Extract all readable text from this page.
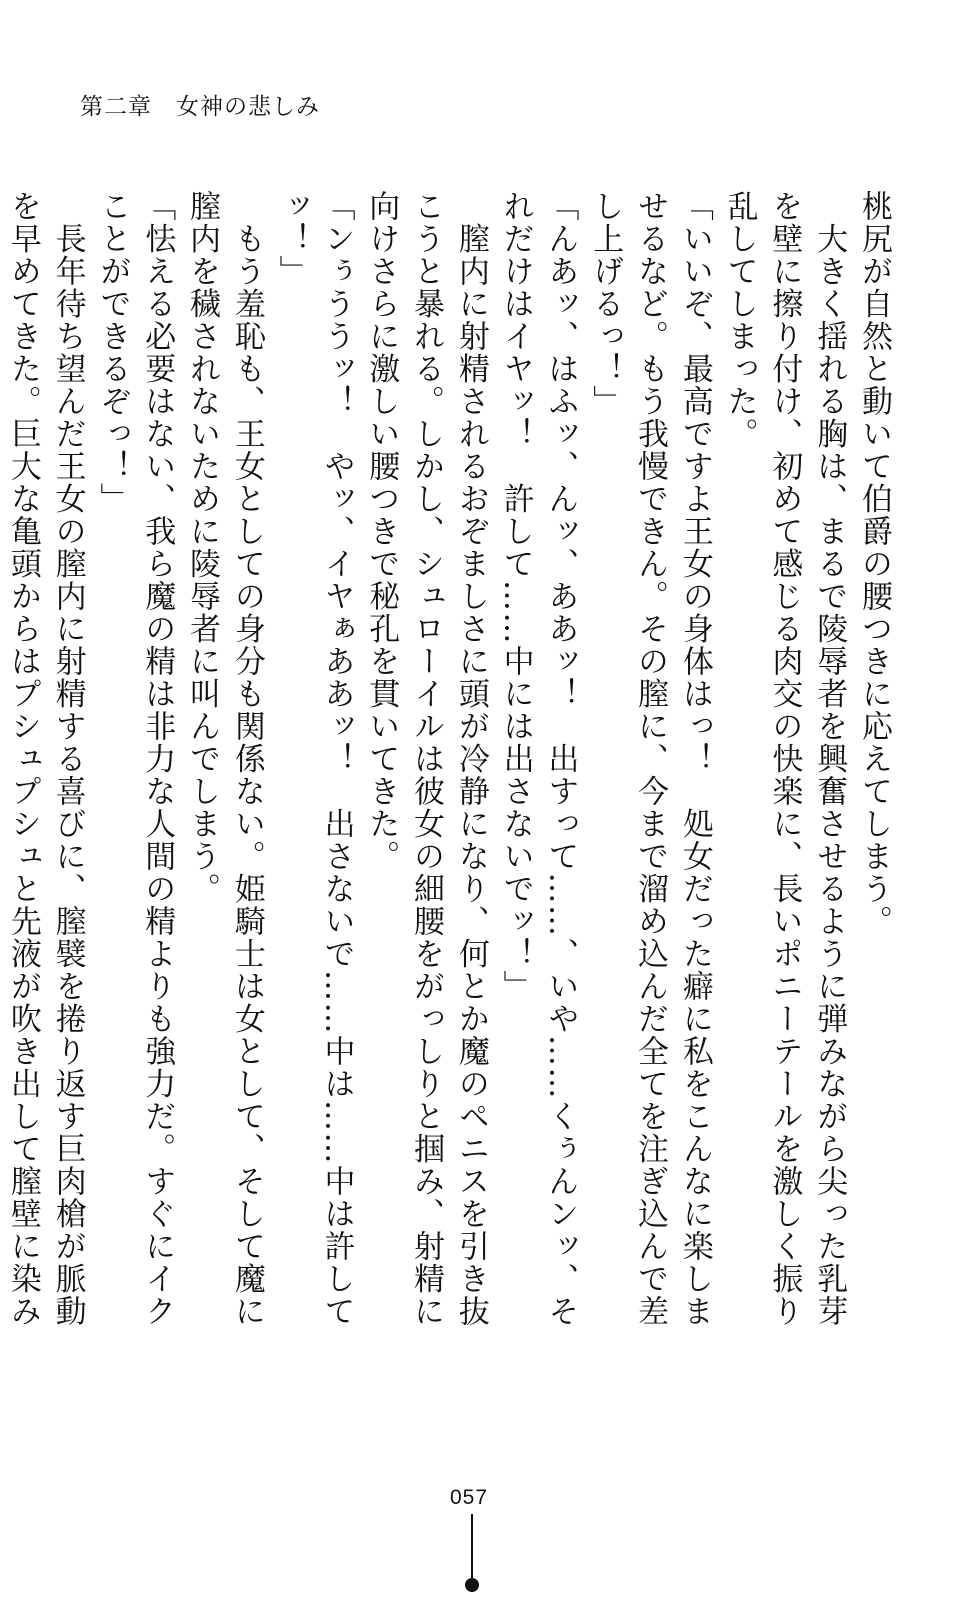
第二章　女神の悲しみ

桃尻が自然と動いて伯爵の腰つきに応えてしまう。

　大きく揺れる胸は、まるで陵辱者を興奮させるように弾みながら尖った乳芽を壁に擦り付け、初めて感じる肉交の快楽に、長いポニーテールを激しく振り乱してしまった。

「いいぞ、最高ですよ王女の身体はっ！　処女だった癖に私をこんなに楽しませるなど。もう我慢できん。その膣に、今まで溜め込んだ全てを注ぎ込んで差し上げるっ！」

「んあッ、はふッ、んッ、ああッ！　出すって……、いや……くぅんンッ、それだけはイヤッ！　許して……中には出さないでッ！」

　膣内に射精されるおぞましさに頭が冷静になり、何とか魔のペニスを引き抜こうと暴れる。しかし、シュローイルは彼女の細腰をがっしりと掴み、射精に向けさらに激しい腰つきで秘孔を貫いてきた。

「ンぅううッ！　やッ、イヤぁああッ！　出さないで……中は……中は許してッ！」

　もう羞恥も、王女としての身分も関係ない。姫騎士は女として、そして魔に膣内を穢されないために陵辱者に叫んでしまう。

「怯える必要はない、我ら魔の精は非力な人間の精よりも強力だ。すぐにイクことができるぞっ！」

　長年待ち望んだ王女の膣内に射精する喜びに、膣襞を捲り返す巨肉槍が脈動を早めてきた。巨大な亀頭からはプシュプシュと先液が吹き出して膣壁に染み

057
